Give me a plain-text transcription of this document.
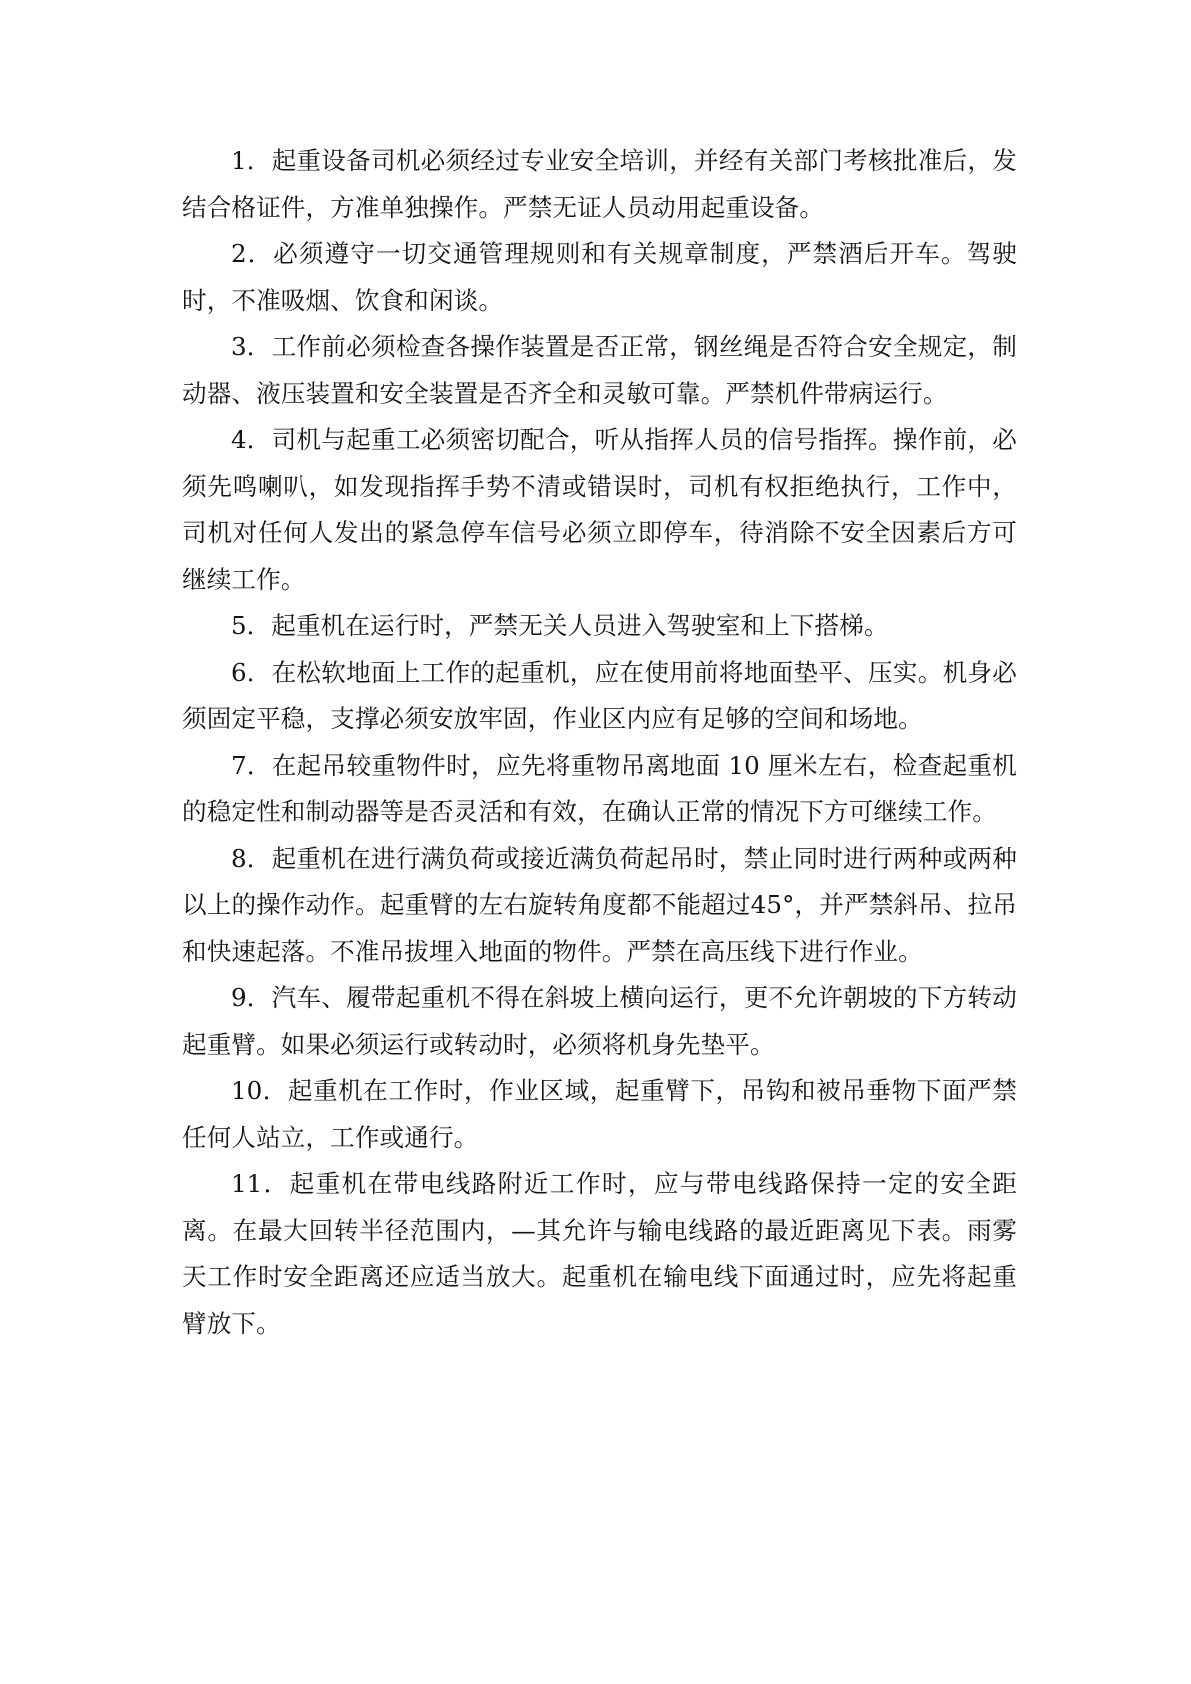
1．起重设备司机必须经过专业安全培训，并经有关部门考核批准后，发结合格证件，方准单独操作。严禁无证人员动用起重设备。

2．必须遵守一切交通管理规则和有关规章制度，严禁酒后开车。驾驶时，不准吸烟、饮食和闲谈。

3．工作前必须检查各操作装置是否正常，钢丝绳是否符合安全规定，制动器、液压装置和安全装置是否齐全和灵敏可靠。严禁机件带病运行。

4．司机与起重工必须密切配合，听从指挥人员的信号指挥。操作前，必须先鸣喇叭，如发现指挥手势不清或错误时，司机有权拒绝执行，工作中，司机对任何人发出的紧急停车信号必须立即停车，待消除不安全因素后方可继续工作。

5．起重机在运行时，严禁无关人员进入驾驶室和上下搭梯。

6．在松软地面上工作的起重机，应在使用前将地面垫平、压实。机身必须固定平稳，支撑必须安放牢固，作业区内应有足够的空间和场地。

7．在起吊较重物件时，应先将重物吊离地面 10 厘米左右，检查起重机的稳定性和制动器等是否灵活和有效，在确认正常的情况下方可继续工作。

8．起重机在进行满负荷或接近满负荷起吊时，禁止同时进行两种或两种以上的操作动作。起重臂的左右旋转角度都不能超过45°，并严禁斜吊、拉吊和快速起落。不准吊拔埋入地面的物件。严禁在高压线下进行作业。

9．汽车、履带起重机不得在斜坡上横向运行，更不允许朝坡的下方转动起重臂。如果必须运行或转动时，必须将机身先垫平。

10．起重机在工作时，作业区域，起重臂下，吊钩和被吊垂物下面严禁任何人站立，工作或通行。

11．起重机在带电线路附近工作时，应与带电线路保持一定的安全距离。在最大回转半径范围内，—其允许与输电线路的最近距离见下表。雨雾天工作时安全距离还应适当放大。起重机在输电线下面通过时，应先将起重臂放下。
